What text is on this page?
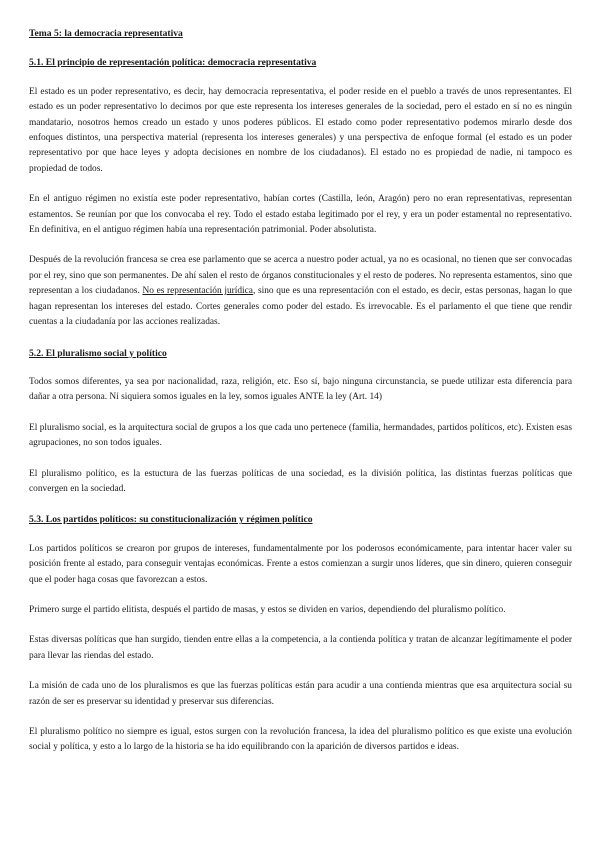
Tema 5: la democracia representativa
5.1. El principio de representación política: democracia representativa

El estado es un poder representativo, es decir, hay democracia representativa, el poder reside en el pueblo a través de unos representantes. El estado es un poder representativo lo decimos por que este representa los intereses generales de la sociedad, pero el estado en sí no es ningún mandatario, nosotros hemos creado un estado y unos poderes públicos. El estado como poder representativo podemos mirarlo desde dos enfoques distintos, una perspectiva material (representa los intereses generales) y una perspectiva de enfoque formal (el estado es un poder representativo por que hace leyes y adopta decisiones en nombre de los ciudadanos). El estado no es propiedad de nadie, ni tampoco es propiedad de todos.

En el antiguo régimen no existía este poder representativo, habían cortes (Castilla, león, Aragón) pero no eran representativas, representan estamentos. Se reunían por que los convocaba el rey. Todo el estado estaba legitimado por el rey, y era un poder estamental no representativo. En definitiva, en el antiguo régimen había una representación patrimonial. Poder absolutista.

Después de la revolución francesa se crea ese parlamento que se acerca a nuestro poder actual, ya no es ocasional, no tienen que ser convocadas por el rey, sino que son permanentes. De ahí salen el resto de órganos constitucionales y el resto de poderes. No representa estamentos, sino que representan a los ciudadanos. No es representación jurídica, sino que es una representación con el estado, es decir, estas personas, hagan lo que hagan representan los intereses del estado. Cortes generales como poder del estado. Es irrevocable. Es el parlamento el que tiene que rendir cuentas a la ciudadanía por las acciones realizadas.

5.2. El pluralismo social y político

Todos somos diferentes, ya sea por nacionalidad, raza, religión, etc. Eso sí, bajo ninguna circunstancia, se puede utilizar esta diferencia para dañar a otra persona. Ni siquiera somos iguales en la ley, somos iguales ANTE la ley (Art. 14)

El pluralismo social, es la arquitectura social de grupos a los que cada uno pertenece (familia, hermandades, partidos políticos, etc). Existen esas agrupaciones, no son todos iguales.

El pluralismo político, es la estuctura de las fuerzas políticas de una sociedad, es la división política, las distintas fuerzas políticas que convergen en la sociedad.

5.3. Los partidos políticos: su constitucionalización y régimen político

Los partidos políticos se crearon por grupos de intereses, fundamentalmente por los poderosos económicamente, para intentar hacer valer su posición frente al estado, para conseguir ventajas económicas. Frente a estos comienzan a surgir unos líderes, que sin dinero, quieren conseguir que el poder haga cosas que favorezcan a estos.

Primero surge el partido elitista, después el partido de masas, y estos se dividen en varios, dependiendo del pluralismo político.

Estas diversas políticas que han surgido, tienden entre ellas a la competencia, a la contienda política y tratan de alcanzar legítimamente el poder para llevar las riendas del estado.

La misión de cada uno de los pluralismos es que las fuerzas políticas están para acudir a una contienda mientras que esa arquitectura social su razón de ser es preservar su identidad y preservar sus diferencias.

El pluralismo político no siempre es igual, estos surgen con la revolución francesa, la idea del pluralismo político es que existe una evolución social y política, y esto a lo largo de la historia se ha ido equilibrando con la aparición de diversos partidos e ideas.
